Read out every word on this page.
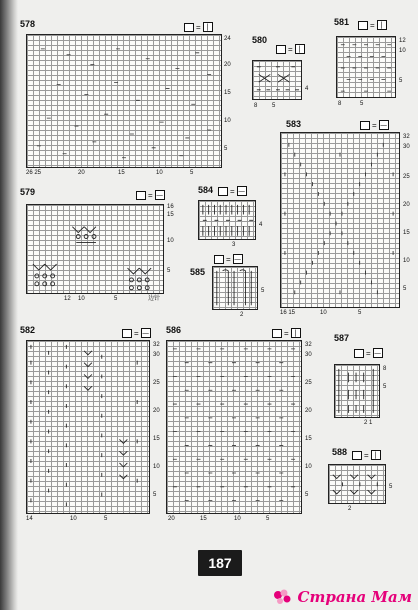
578	= |
24
20
15
10
5
26 25	20	15	10	5
580
= |
4
8 5
581	= |
12
10
5
8	5
583	= —
32
30
25
20
15
10
5
16 15	10	5
579	= —
16
15
10
5
12 10	5	边针
584 = —
4
3
585
= —
5
2
582	= —
32
30
25
20
15
10
5
14	10	5
586	= |
32
30
25
20
15
10
5
20	15	10	5
587
= —
8
5
2 1
588 = |
5
2
187
Страна Мам
